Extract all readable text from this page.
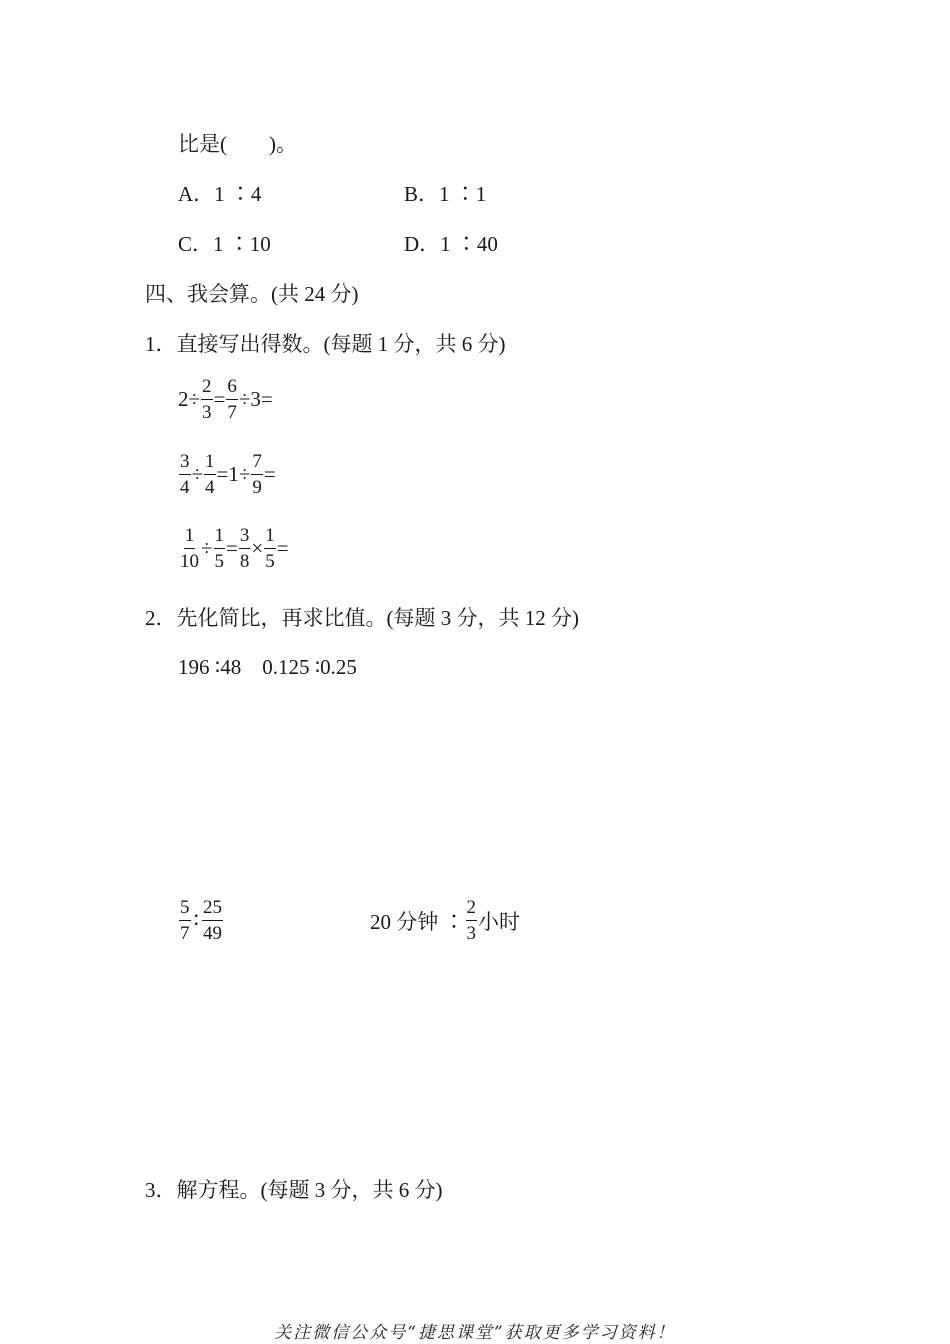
比是(　　)。
A．1 ∶4	B．1 ∶1
C．1 ∶10	D．1 ∶40
四、我会算。(共 24 分)
1．直接写出得数。(每题 1 分，共 6 分)
$2\div \frac{2}{3} = \frac{6}{7} \div 3=$
$\frac{3}{4} \div \frac{1}{4} =1\div \frac{7}{9}$ =
$\frac{1}{10} \div \frac{1}{5} = \frac{3}{8} \times \frac{1}{5}$ =
2．先化简比，再求比值。(每题 3 分，共 12 分)
196 ∶48　0.125 ∶0.25
$\frac{5}{7}$ ∶ $\frac{25}{49}$	20 分钟 ∶ $\frac{2}{3}$ 小时
3．解方程。(每题 3 分，共 6 分)
关注微信公众号“捷思课堂”获取更多学习资料！
